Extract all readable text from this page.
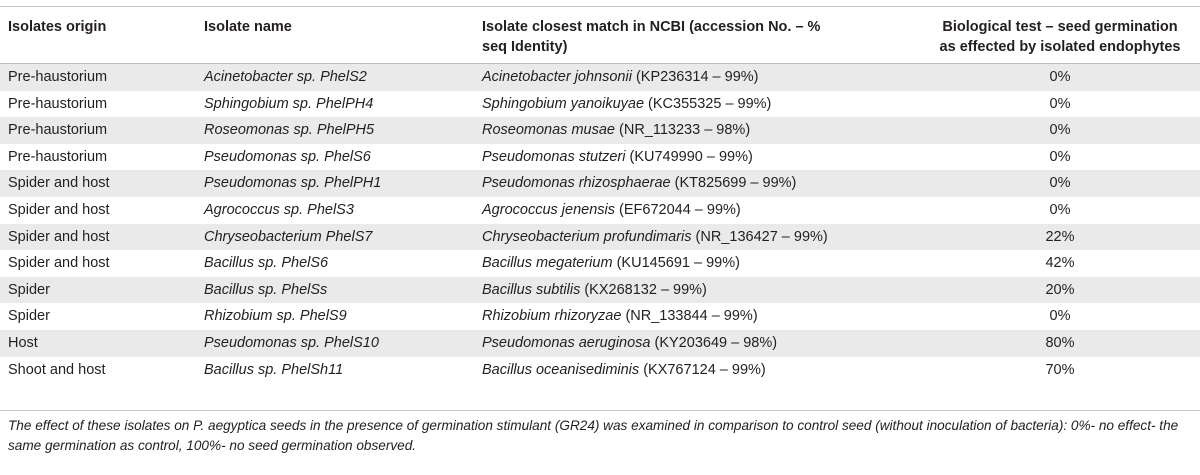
Isolates origin	Isolate name	Isolate closest match in NCBI (accession No. – % seq Identity)	Biological test – seed germination as effected by isolated endophytes

Pre-haustorium	Acinetobacter sp. PhelS2	Acinetobacter johnsonii (KP236314 – 99%)	0%
Pre-haustorium	Sphingobium sp. PhelPH4	Sphingobium yanoikuyae (KC355325 – 99%)	0%
Pre-haustorium	Roseomonas sp. PhelPH5	Roseomonas musae (NR_113233 – 98%)	0%
Pre-haustorium	Pseudomonas sp. PhelS6	Pseudomonas stutzeri (KU749990 – 99%)	0%
Spider and host	Pseudomonas sp. PhelPH1	Pseudomonas rhizosphaerae (KT825699 – 99%)	0%
Spider and host	Agrococcus sp. PhelS3	Agrococcus jenensis (EF672044 – 99%)	0%
Spider and host	Chryseobacterium PhelS7	Chryseobacterium profundimaris (NR_136427 – 99%)	22%
Spider and host	Bacillus sp. PhelS6	Bacillus megaterium (KU145691 – 99%)	42%
Spider	Bacillus sp. PhelSs	Bacillus subtilis (KX268132 – 99%)	20%
Spider	Rhizobium sp. PhelS9	Rhizobium rhizoryzae (NR_133844 – 99%)	0%
Host	Pseudomonas sp. PhelS10	Pseudomonas aeruginosa (KY203649 – 98%)	80%
Shoot and host	Bacillus sp. PhelSh11	Bacillus oceanisediminis (KX767124 – 99%)	70%
The effect of these isolates on P. aegyptica seeds in the presence of germination stimulant (GR24) was examined in comparison to control seed (without inoculation of bacteria): 0%- no effect- the same germination as control, 100%- no seed germination observed.
